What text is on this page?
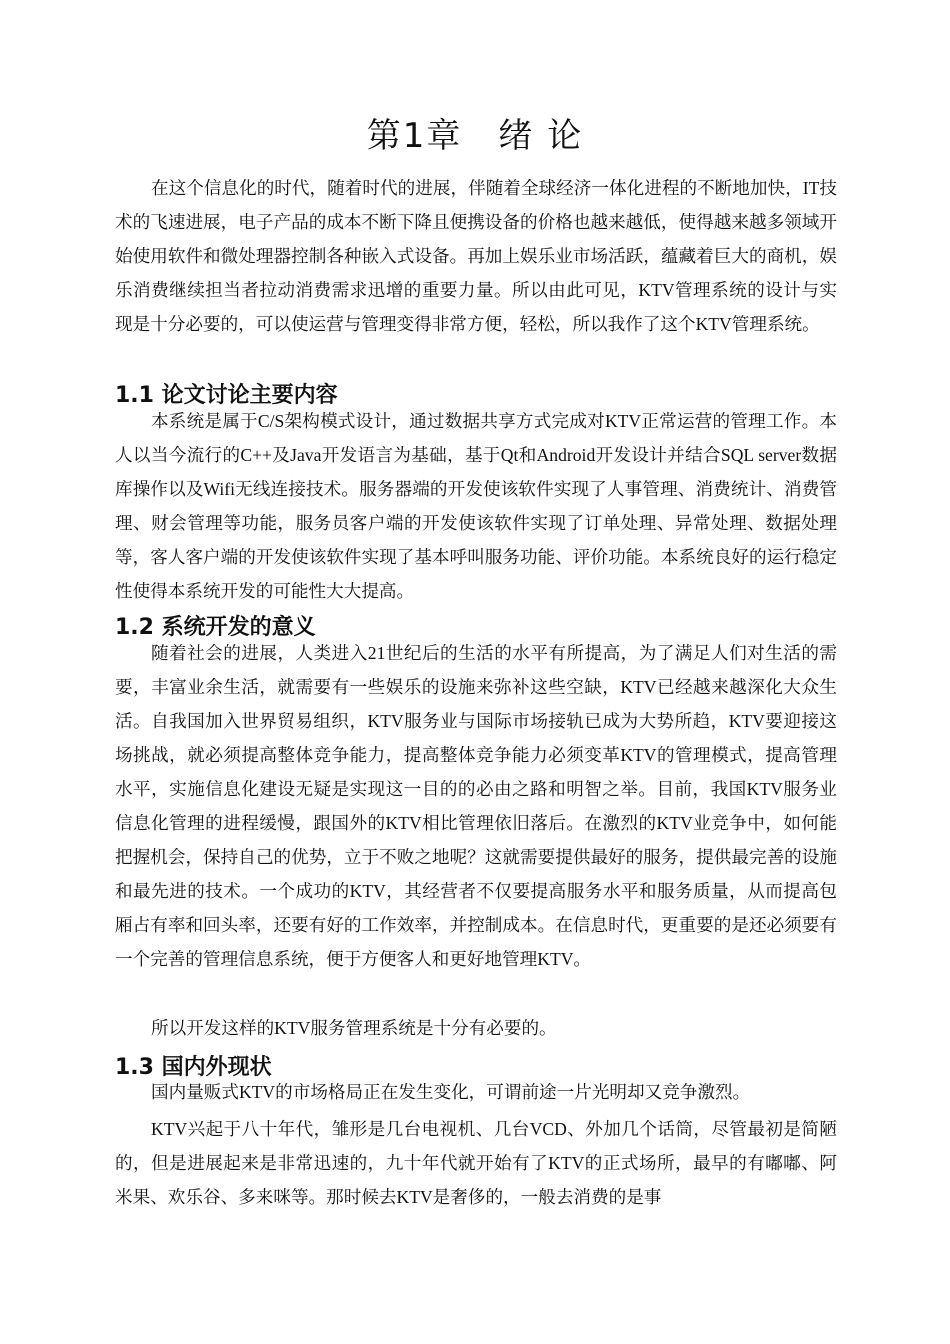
第1章　绪 论

在这个信息化的时代，随着时代的进展，伴随着全球经济一体化进程的不断地加快，IT技术的飞速进展，电子产品的成本不断下降且便携设备的价格也越来越低，使得越来越多领域开始使用软件和微处理器控制各种嵌入式设备。再加上娱乐业市场活跃，蕴藏着巨大的商机，娱乐消费继续担当者拉动消费需求迅增的重要力量。所以由此可见，KTV管理系统的设计与实现是十分必要的，可以使运营与管理变得非常方便，轻松，所以我作了这个KTV管理系统。

1.1 论文讨论主要内容

本系统是属于C/S架构模式设计，通过数据共享方式完成对KTV正常运营的管理工作。本人以当今流行的C++及Java开发语言为基础，基于Qt和Android开发设计并结合SQL server数据库操作以及Wifi无线连接技术。服务器端的开发使该软件实现了人事管理、消费统计、消费管理、财会管理等功能，服务员客户端的开发使该软件实现了订单处理、异常处理、数据处理等，客人客户端的开发使该软件实现了基本呼叫服务功能、评价功能。本系统良好的运行稳定性使得本系统开发的可能性大大提高。

1.2 系统开发的意义

随着社会的进展，人类进入21世纪后的生活的水平有所提高，为了满足人们对生活的需要，丰富业余生活，就需要有一些娱乐的设施来弥补这些空缺，KTV已经越来越深化大众生活。自我国加入世界贸易组织，KTV服务业与国际市场接轨已成为大势所趋，KTV要迎接这场挑战，就必须提高整体竞争能力，提高整体竞争能力必须变革KTV的管理模式，提高管理水平，实施信息化建设无疑是实现这一目的的必由之路和明智之举。目前，我国KTV服务业信息化管理的进程缓慢，跟国外的KTV相比管理依旧落后。在激烈的KTV业竞争中，如何能把握机会，保持自己的优势，立于不败之地呢？这就需要提供最好的服务，提供最完善的设施和最先进的技术。一个成功的KTV，其经营者不仅要提高服务水平和服务质量，从而提高包厢占有率和回头率，还要有好的工作效率，并控制成本。在信息时代，更重要的是还必须要有一个完善的管理信息系统，便于方便客人和更好地管理KTV。

所以开发这样的KTV服务管理系统是十分有必要的。

1.3 国内外现状

国内量贩式KTV的市场格局正在发生变化，可谓前途一片光明却又竞争激烈。

KTV兴起于八十年代，雏形是几台电视机、几台VCD、外加几个话筒，尽管最初是简陋的，但是进展起来是非常迅速的，九十年代就开始有了KTV的正式场所，最早的有嘟嘟、阿米果、欢乐谷、多来咪等。那时候去KTV是奢侈的，一般去消费的是事
